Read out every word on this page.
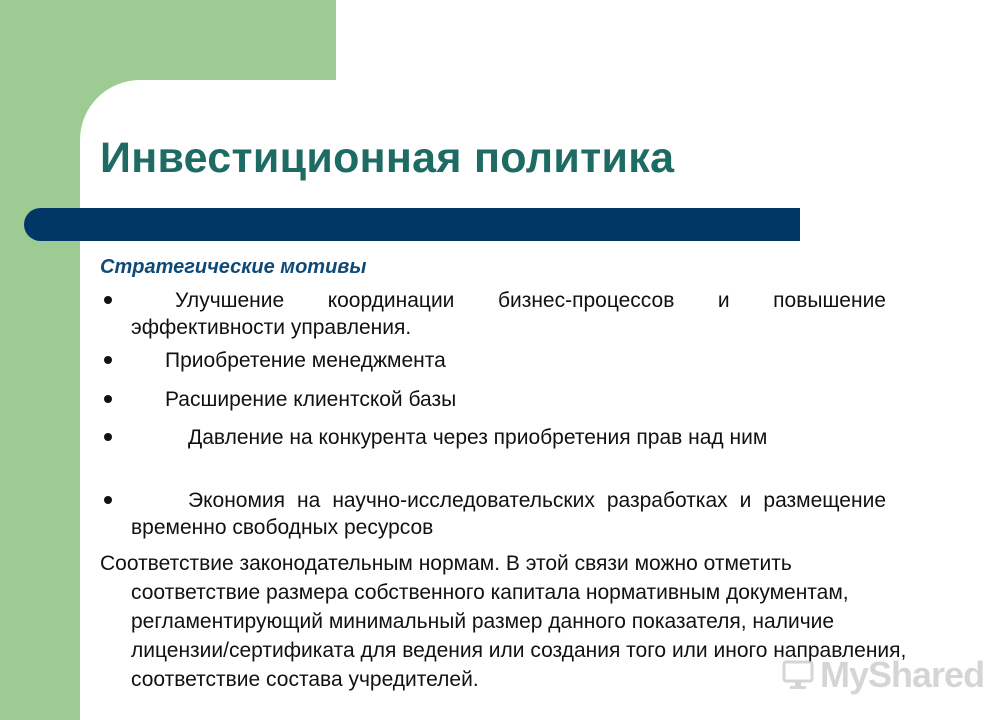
Инвестиционная политика
Стратегические мотивы
Улучшение координации бизнес-процессов и повышение эффективности управления.
Приобретение менеджмента
Расширение клиентской базы
Давление на конкурента через приобретения прав над ним
Экономия на научно-исследовательских разработках и размещение временно свободных ресурсов
Соответствие законодательным нормам. В этой связи можно отметить соответствие размера собственного капитала нормативным документам, регламентирующий минимальный размер данного показателя, наличие лицензии/сертификата для ведения или создания того или иного направления, соответствие состава учредителей.	MyShared
